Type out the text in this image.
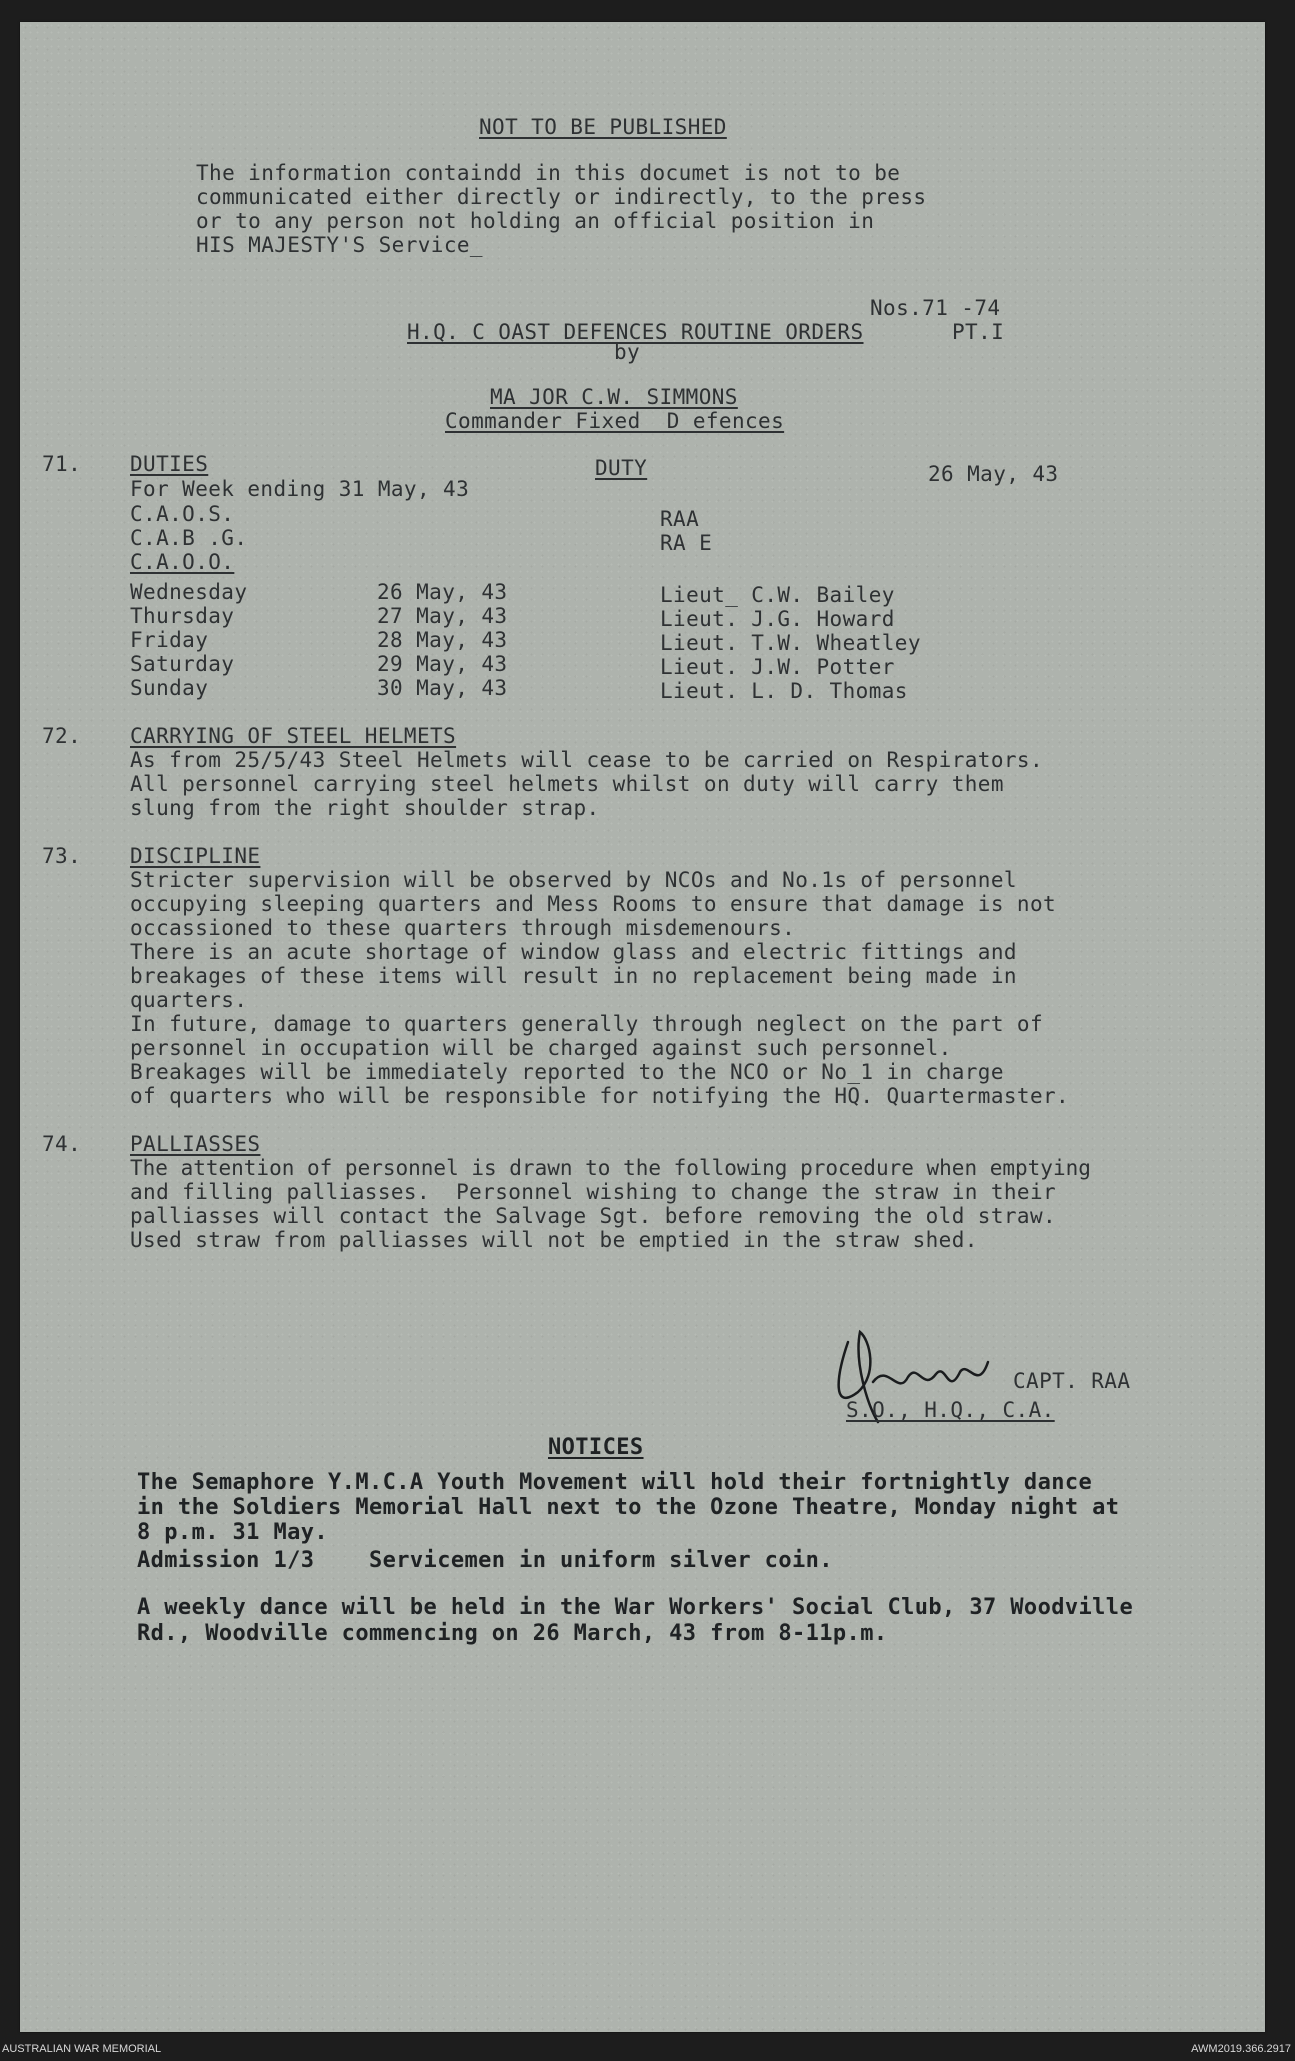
NOT TO BE PUBLISHED
The information containdd in this documet is not to be
communicated either directly or indirectly, to the press
or to any person not holding an official position in
HIS MAJESTY'S Service_
Nos.71 -74
H.Q. C OAST DEFENCES ROUTINE ORDERS	PT.I
by
MA JOR C.W. SIMMONS
Commander Fixed  D efences
71. DUTIES	DUTY	26 May, 43
For Week ending 31 May, 43
C.A.O.S.	RAA
C.A.B .G.	RA E
C.A.O.O.
Wednesday	26 May, 43	Lieut_ C.W. Bailey
Thursday	27 May, 43	Lieut. J.G. Howard
Friday	28 May, 43	Lieut. T.W. Wheatley
Saturday	29 May, 43	Lieut. J.W. Potter
Sunday	30 May, 43	Lieut. L. D. Thomas
72. CARRYING OF STEEL HELMETS
As from 25/5/43 Steel Helmets will cease to be carried on Respirators.
All personnel carrying steel helmets whilst on duty will carry them
slung from the right shoulder strap.
73. DISCIPLINE
Stricter supervision will be observed by NCOs and No.1s of personnel
occupying sleeping quarters and Mess Rooms to ensure that damage is not
occassioned to these quarters through misdemenours.
There is an acute shortage of window glass and electric fittings and
breakages of these items will result in no replacement being made in
quarters.
In future, damage to quarters generally through neglect on the part of
personnel in occupation will be charged against such personnel.
Breakages will be immediately reported to the NCO or No_1 in charge
of quarters who will be responsible for notifying the HQ. Quartermaster.
74. PALLIASSES
The attention of personnel is drawn to the following procedure when emptying
and filling palliasses.  Personnel wishing to change the straw in their
palliasses will contact the Salvage Sgt. before removing the old straw.
Used straw from palliasses will not be emptied in the straw shed.
CAPT. RAA
S.O., H.Q., C.A.
NOTICES
The Semaphore Y.M.C.A Youth Movement will hold their fortnightly dance
in the Soldiers Memorial Hall next to the Ozone Theatre, Monday night at
8 p.m. 31 May.
Admission 1/3    Servicemen in uniform silver coin.
A weekly dance will be held in the War Workers' Social Club, 37 Woodville
Rd., Woodville commencing on 26 March, 43 from 8-11p.m.
AUSTRALIAN WAR MEMORIAL	AWM2019.366.2917
